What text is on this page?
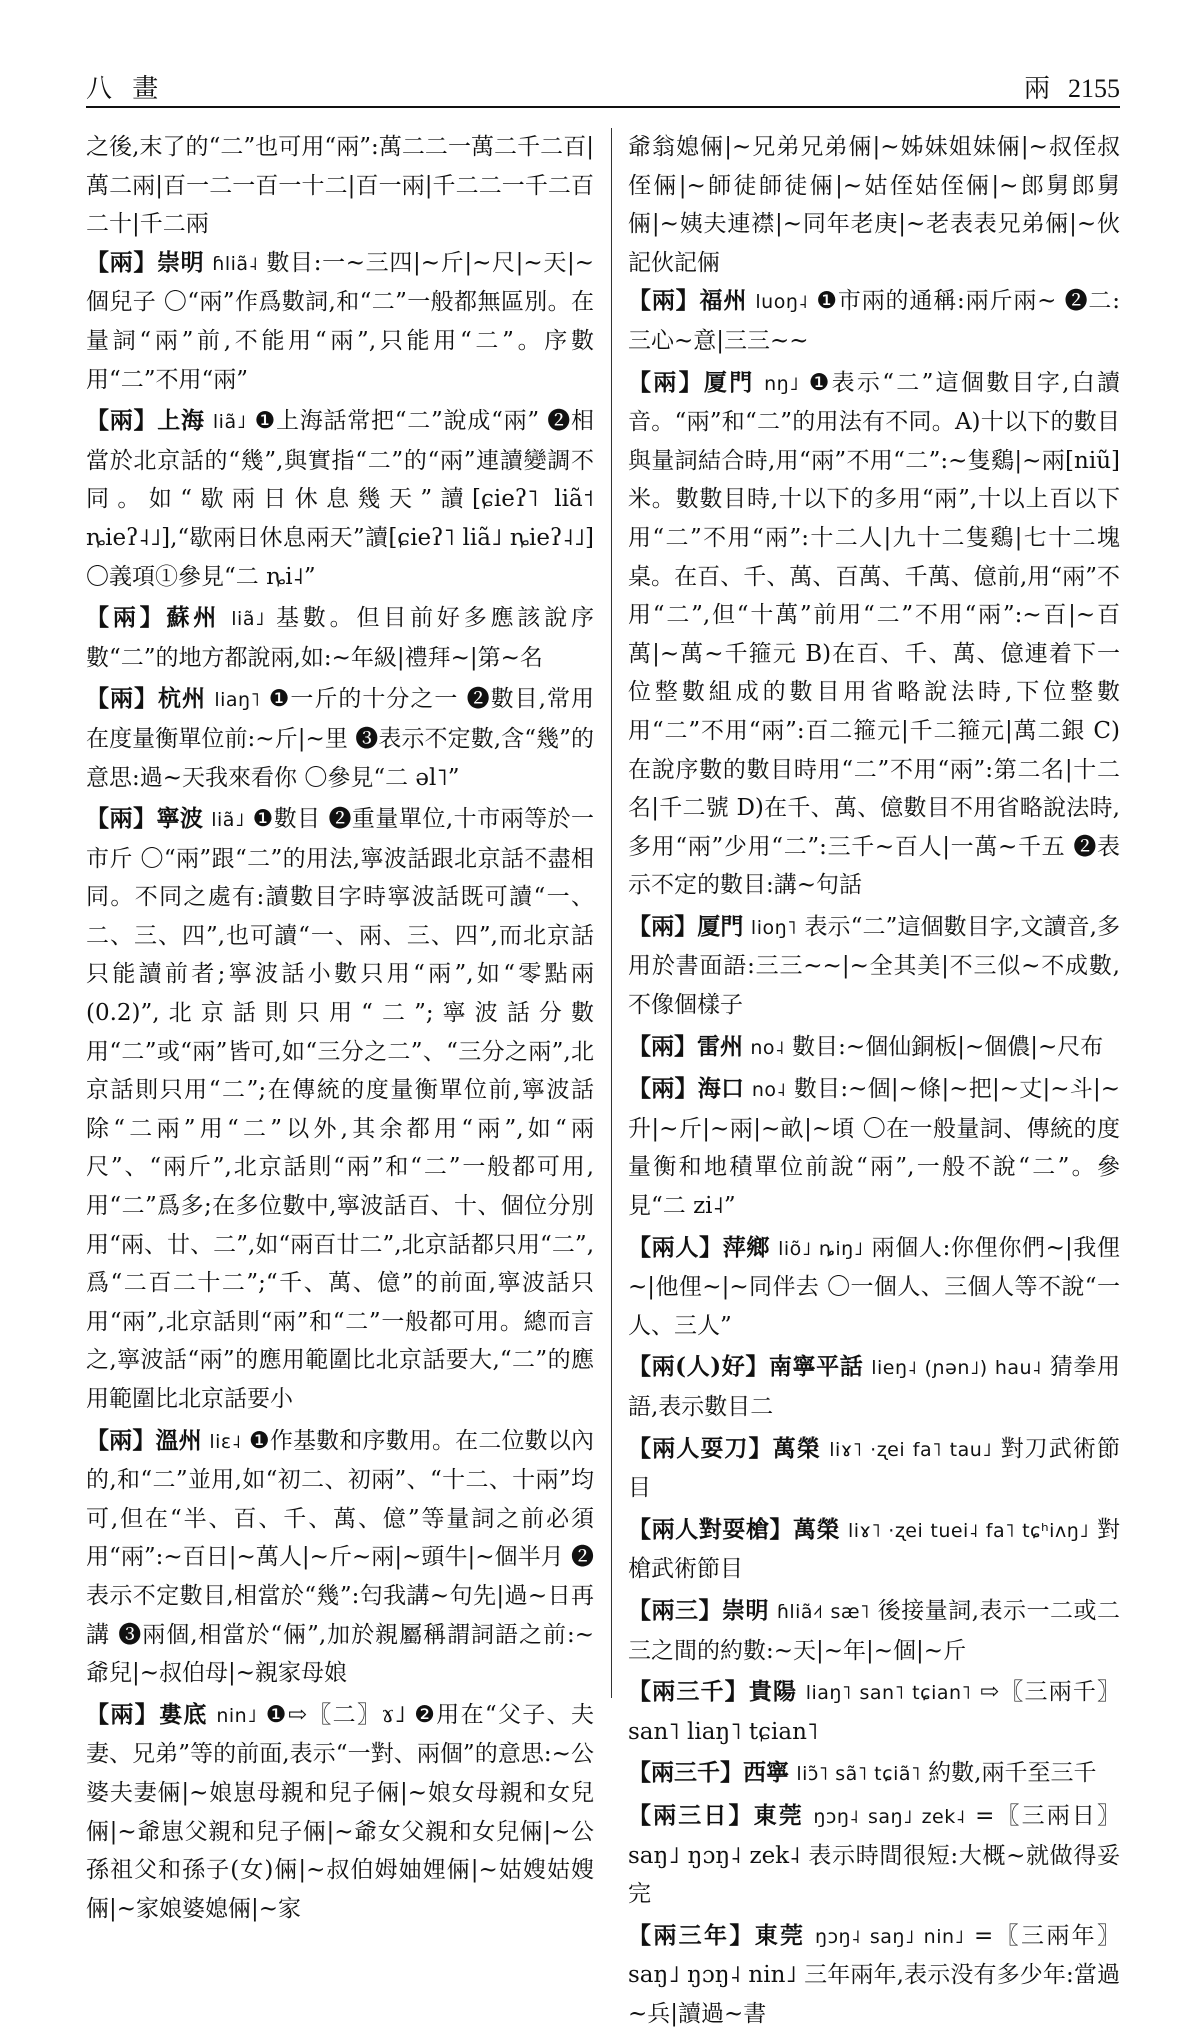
八 畫	兩 2155
之後,末了的“二”也可用“兩”:萬二二一萬二千二百|萬二兩|百一二一百一十二|百一兩|千二二一千二百二十|千二兩
【兩】崇明 ɦliã˨ 數目:一~三四|~斤|~尺|~天|~個兒子 〇“兩”作爲數詞,和“二”一般都無區別。在量詞“兩”前,不能用“兩”,只能用“二”。序數用“二”不用“兩”
【兩】上海 liã˩ ❶上海話常把“二”說成“兩” ❷相當於北京話的“幾”,與實指“二”的“兩”連讀變調不同。如“歇兩日休息幾天”讀[ɕieʔ˥ liã˦ ȵieʔ˨˩],“歇兩日休息兩天”讀[ɕieʔ˥ liã˩ ȵieʔ˨˩] 〇義項①參見“二 ȵi˨”
【兩】蘇州 liã˩ 基數。但目前好多應該說序數“二”的地方都說兩,如:~年級|禮拜~|第~名
【兩】杭州 liaŋ˥ ❶一斤的十分之一 ❷數目,常用在度量衡單位前:~斤|~里 ❸表示不定數,含“幾”的意思:過~天我來看你 〇參見“二 əl˥”
【兩】寧波 liã˩ ❶數目 ❷重量單位,十市兩等於一市斤 〇“兩”跟“二”的用法,寧波話跟北京話不盡相同。不同之處有:讀數目字時寧波話既可讀“一、二、三、四”,也可讀“一、兩、三、四”,而北京話只能讀前者;寧波話小數只用“兩”,如“零點兩(0.2)”,北京話則只用“二”;寧波話分數用“二”或“兩”皆可,如“三分之二”、“三分之兩”,北京話則只用“二”;在傳統的度量衡單位前,寧波話除“二兩”用“二”以外,其余都用“兩”,如“兩尺”、“兩斤”,北京話則“兩”和“二”一般都可用,用“二”爲多;在多位數中,寧波話百、十、個位分別用“兩、廿、二”,如“兩百廿二”,北京話都只用“二”,爲“二百二十二”;“千、萬、億”的前面,寧波話只用“兩”,北京話則“兩”和“二”一般都可用。總而言之,寧波話“兩”的應用範圍比北京話要大,“二”的應用範圍比北京話要小
【兩】溫州 liɛ˨ ❶作基數和序數用。在二位數以內的,和“二”並用,如“初二、初兩”、“十二、十兩”均可,但在“半、百、千、萬、億”等量詞之前必須用“兩”:~百日|~萬人|~斤~兩|~頭牛|~個半月 ❷表示不定數目,相當於“幾”:匄我講~句先|過~日再講 ❸兩個,相當於“倆”,加於親屬稱謂詞語之前:~爺兒|~叔伯母|~親家母娘
【兩】婁底 nin˩ ❶⇨〖二〗ɤ˩ ❷用在“父子、夫妻、兄弟”等的前面,表示“一對、兩個”的意思:~公婆夫妻倆|~娘崽母親和兒子倆|~娘女母親和女兒倆|~爺崽父親和兒子倆|~爺女父親和女兒倆|~公孫祖父和孫子(女)倆|~叔伯姆妯娌倆|~姑嫂姑嫂倆|~家娘婆媳倆|~家
爺翁媳倆|~兄弟兄弟倆|~姊妹姐妹倆|~叔侄叔侄倆|~師徒師徒倆|~姑侄姑侄倆|~郎舅郎舅倆|~姨夫連襟|~同年老庚|~老表表兄弟倆|~伙記伙記倆
【兩】福州 luoŋ˨ ❶市兩的通稱:兩斤兩~ ❷二:三心~意|三三~~
【兩】厦門 nŋ˩ ❶表示“二”這個數目字,白讀音。“兩”和“二”的用法有不同。A)十以下的數目與量詞結合時,用“兩”不用“二”:~隻鷄|~兩[niũ]米。數數目時,十以下的多用“兩”,十以上百以下用“二”不用“兩”:十二人|九十二隻鷄|七十二塊桌。在百、千、萬、百萬、千萬、億前,用“兩”不用“二”,但“十萬”前用“二”不用“兩”:~百|~百萬|~萬~千箍元 B)在百、千、萬、億連着下一位整數組成的數目用省略說法時,下位整數用“二”不用“兩”:百二箍元|千二箍元|萬二銀 C)在說序數的數目時用“二”不用“兩”:第二名|十二名|千二號 D)在千、萬、億數目不用省略說法時,多用“兩”少用“二”:三千~百人|一萬~千五 ❷表示不定的數目:講~句話
【兩】厦門 lioŋ˥ 表示“二”這個數目字,文讀音,多用於書面語:三三~~|~全其美|不三似~不成數,不像個樣子
【兩】雷州 no˨ 數目:~個仙銅板|~個儂|~尺布
【兩】海口 no˨ 數目:~個|~條|~把|~丈|~斗|~升|~斤|~兩|~畝|~頃 〇在一般量詞、傳統的度量衡和地積單位前說“兩”,一般不說“二”。參見“二 zi˨”
【兩人】萍鄉 liõ˩ ȵiŋ˩ 兩個人:你俚你們~|我俚~|他俚~|~同伴去 〇一個人、三個人等不說“一人、三人”
【兩(人)好】南寧平話 lieŋ˨ (ɲən˩) hau˨ 猜拳用語,表示數目二
【兩人耍刀】萬榮 liɤ˥ ·ʐei fa˥ tau˩ 對刀武術節目
【兩人對耍槍】萬榮 liɤ˥ ·ʐei tuei˨ fa˥ tɕʰiʌŋ˩ 對槍武術節目
【兩三】崇明 ɦliã˨˦ sæ˥ 後接量詞,表示一二或二三之間的約數:~天|~年|~個|~斤
【兩三千】貴陽 liaŋ˥ san˥ tɕian˥ ⇨〖三兩千〗san˥ liaŋ˥ tɕian˥
【兩三千】西寧 liɔ̃˥ sã˥ tɕiã˥ 約數,兩千至三千
【兩三日】東莞 ŋɔŋ˨ saŋ˩ zek˨ =〖三兩日〗saŋ˩ ŋɔŋ˨ zek˨ 表示時間很短:大概~就做得妥完
【兩三年】東莞 ŋɔŋ˨ saŋ˩ nin˩ =〖三兩年〗saŋ˩ ŋɔŋ˨ nin˩ 三年兩年,表示没有多少年:當過~兵|讀過~書
